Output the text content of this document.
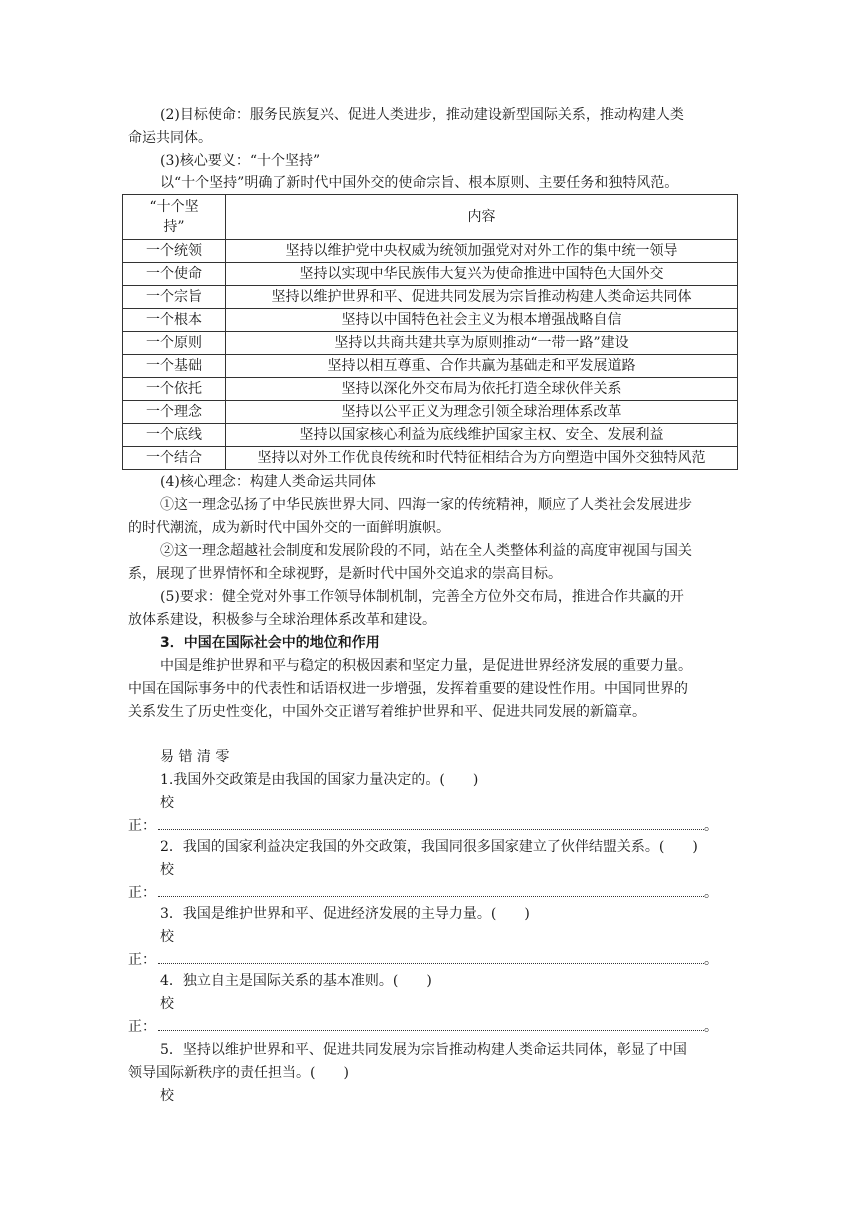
(2)目标使命：服务民族复兴、促进人类进步，推动建设新型国际关系，推动构建人类
命运共同体。
(3)核心要义：“十个坚持”
以“十个坚持”明确了新时代中国外交的使命宗旨、根本原则、主要任务和独特风范。
“十个坚
持”	内容
一个统领	坚持以维护党中央权威为统领加强党对对外工作的集中统一领导
一个使命	坚持以实现中华民族伟大复兴为使命推进中国特色大国外交
一个宗旨	坚持以维护世界和平、促进共同发展为宗旨推动构建人类命运共同体
一个根本	坚持以中国特色社会主义为根本增强战略自信
一个原则	坚持以共商共建共享为原则推动“一带一路”建设
一个基础	坚持以相互尊重、合作共赢为基础走和平发展道路
一个依托	坚持以深化外交布局为依托打造全球伙伴关系
一个理念	坚持以公平正义为理念引领全球治理体系改革
一个底线	坚持以国家核心利益为底线维护国家主权、安全、发展利益
一个结合	坚持以对外工作优良传统和时代特征相结合为方向塑造中国外交独特风范
(4)核心理念：构建人类命运共同体
①这一理念弘扬了中华民族世界大同、四海一家的传统精神，顺应了人类社会发展进步
的时代潮流，成为新时代中国外交的一面鲜明旗帜。
②这一理念超越社会制度和发展阶段的不同，站在全人类整体利益的高度审视国与国关
系，展现了世界情怀和全球视野，是新时代中国外交追求的崇高目标。
(5)要求：健全党对外事工作领导体制机制，完善全方位外交布局，推进合作共赢的开
放体系建设，积极参与全球治理体系改革和建设。
3．中国在国际社会中的地位和作用
中国是维护世界和平与稳定的积极因素和坚定力量，是促进世界经济发展的重要力量。
中国在国际事务中的代表性和话语权进一步增强，发挥着重要的建设性作用。中国同世界的
关系发生了历史性变化，中国外交正谱写着维护世界和平、促进共同发展的新篇章。
易 错 清 零
1.我国外交政策是由我国的国家力量决定的。(　　)
校
正：	。
2．我国的国家利益决定我国的外交政策，我国同很多国家建立了伙伴结盟关系。(　　)
校
正：	。
3．我国是维护世界和平、促进经济发展的主导力量。(　　)
校
正：	。
4．独立自主是国际关系的基本准则。(　　)
校
正：	。
5．坚持以维护世界和平、促进共同发展为宗旨推动构建人类命运共同体，彰显了中国
领导国际新秩序的责任担当。(　　)
校
